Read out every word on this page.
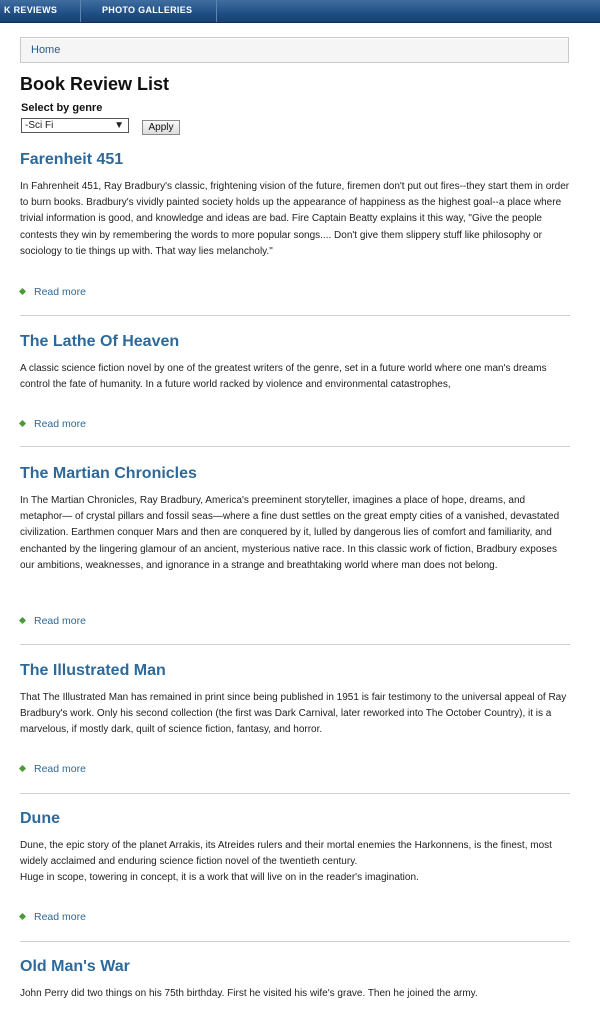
K REVIEWS	PHOTO GALLERIES
Home
Book Review List
Select by genre
-Sci Fi	▼	Apply
Farenheit 451

In Fahrenheit 451, Ray Bradbury's classic, frightening vision of the future, firemen don't put out fires--they start them in order to burn books. Bradbury's vividly painted society holds up the appearance of happiness as the highest goal--a place where trivial information is good, and knowledge and ideas are bad. Fire Captain Beatty explains it this way, "Give the people contests they win by remembering the words to more popular songs.... Don't give them slippery stuff like philosophy or sociology to tie things up with. That way lies melancholy."

Read more
The Lathe Of Heaven

A classic science fiction novel by one of the greatest writers of the genre, set in a future world where one man's dreams control the fate of humanity. In a future world racked by violence and environmental catastrophes,

Read more
The Martian Chronicles

In The Martian Chronicles, Ray Bradbury, America's preeminent storyteller, imagines a place of hope, dreams, and metaphor— of crystal pillars and fossil seas—where a fine dust settles on the great empty cities of a vanished, devastated civilization. Earthmen conquer Mars and then are conquered by it, lulled by dangerous lies of comfort and familiarity, and enchanted by the lingering glamour of an ancient, mysterious native race. In this classic work of fiction, Bradbury exposes our ambitions, weaknesses, and ignorance in a strange and breathtaking world where man does not belong.

Read more
The Illustrated Man

That The Illustrated Man has remained in print since being published in 1951 is fair testimony to the universal appeal of Ray Bradbury's work. Only his second collection (the first was Dark Carnival, later reworked into The October Country), it is a marvelous, if mostly dark, quilt of science fiction, fantasy, and horror.

Read more
Dune

Dune, the epic story of the planet Arrakis, its Atreides rulers and their mortal enemies the Harkonnens, is the finest, most widely acclaimed and enduring science fiction novel of the twentieth century.

Huge in scope, towering in concept, it is a work that will live on in the reader's imagination.

Read more
Old Man's War

John Perry did two things on his 75th birthday. First he visited his wife's grave. Then he joined the army.
